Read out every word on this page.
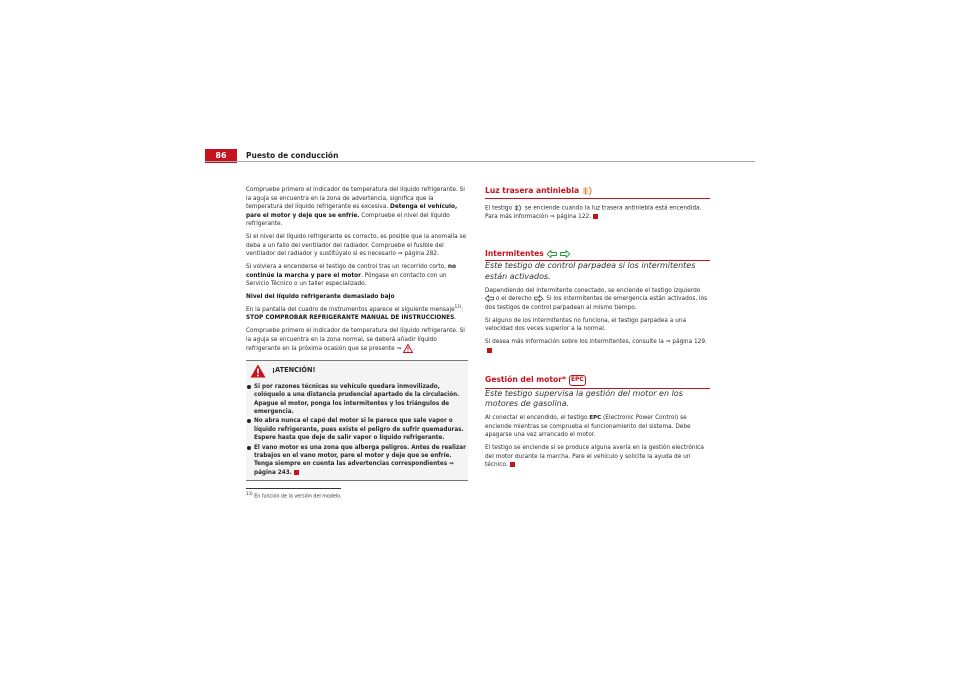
86	Puesto de conducción

Compruebe primero el indicador de temperatura del líquido refrigerante. Si la aguja se encuentra en la zona de advertencia, significa que la temperatura del líquido refrigerante es excesiva. Detenga el vehículo, pare el motor y deje que se enfríe. Compruebe el nivel del líquido refrigerante.

Si el nivel del líquido refrigerante es correcto, es posible que la anomalía se deba a un fallo del ventilador del radiador. Compruebe el fusible del ventilador del radiador y sustitúyalo si es necesario ⇒ página 282.

Si volviera a encenderse el testigo de control tras un recorrido corto, no continúe la marcha y pare el motor. Póngase en contacto con un Servicio Técnico o un taller especializado.

Nivel del líquido refrigerante demasiado bajo

En la pantalla del cuadro de instrumentos aparece el siguiente mensaje$^{13)}$:
STOP COMPROBAR REFRIGERANTE MANUAL DE INSTRUCCIONES.

Compruebe primero el indicador de temperatura del líquido refrigerante. Si la aguja se encuentra en la zona normal, se deberá añadir líquido refrigerante en la próxima ocasión que se presente ⇒ .

¡ATENCIÓN!
Si por razones técnicas su vehículo quedara inmovilizado, colóquelo a una distancia prudencial apartado de la circulación. Apague el motor, ponga los intermitentes y los triángulos de emergencia.
No abra nunca el capó del motor si le parece que sale vapor o líquido refrigerante, pues existe el peligro de sufrir quemaduras. Espere hasta que deje de salir vapor o líquido refrigerante.
El vano motor es una zona que alberga peligros. Antes de realizar trabajos en el vano motor, pare el motor y deje que se enfríe. Tenga siempre en cuenta las advertencias correspondientes ⇒ página 243.
$^{13)}$ En función de la versión del modelo.
Luz trasera antiniebla

El testigo  se enciende cuando la luz trasera antiniebla está encendida. Para más información ⇒ página 122.

Intermitentes

Este testigo de control parpadea si los intermitentes están activados.

Dependiendo del intermitente conectado, se enciende el testigo izquierdo  o el derecho . Si los intermitentes de emergencia están activados, los dos testigos de control parpadean al mismo tiempo.

Si alguno de los intermitentes no funciona, el testigo parpadea a una velocidad dos veces superior a la normal.

Si desea más información sobre los intermitentes, consulte la ⇒ página 129.

Gestión del motor* EPC

Este testigo supervisa la gestión del motor en los motores de gasolina.

Al conectar el encendido, el testigo EPC (Electronic Power Control) se enciende mientras se comprueba el funcionamiento del sistema. Debe apagarse una vez arrancado el motor.

El testigo se enciende si se produce alguna avería en la gestión electrónica del motor durante la marcha. Pare el vehículo y solicite la ayuda de un técnico.
